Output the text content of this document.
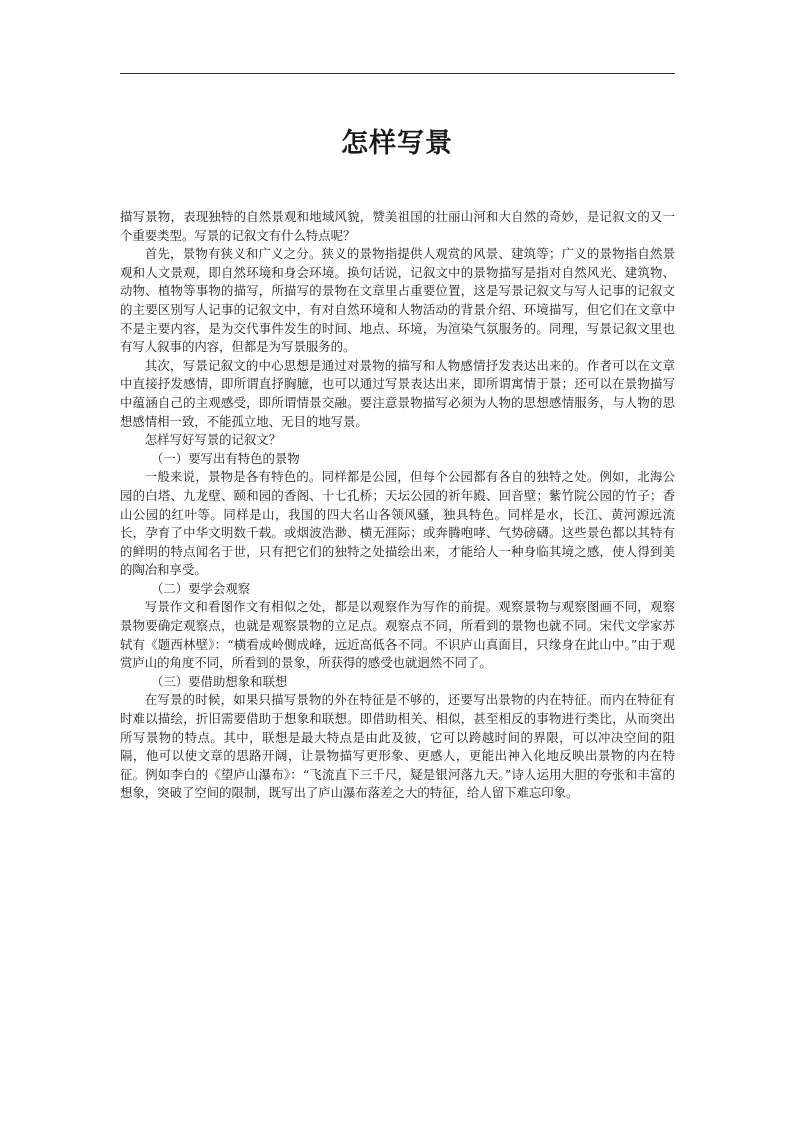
怎样写景

描写景物，表现独特的自然景观和地域风貌，赞美祖国的壮丽山河和大自然的奇妙，是记叙文的又一个重要类型。写景的记叙文有什么特点呢？

首先，景物有狭义和广义之分。狭义的景物指提供人观赏的风景、建筑等；广义的景物指自然景观和人文景观，即自然环境和身会环境。换句话说，记叙文中的景物描写是指对自然风光、建筑物、动物、植物等事物的描写，所描写的景物在文章里占重要位置，这是写景记叙文与写人记事的记叙文的主要区别写人记事的记叙文中，有对自然环境和人物活动的背景介绍、环境描写，但它们在文章中不是主要内容，是为交代事件发生的时间、地点、环境，为渲染气氛服务的。同理，写景记叙文里也有写人叙事的内容，但都是为写景服务的。

其次，写景记叙文的中心思想是通过对景物的描写和人物感情抒发表达出来的。作者可以在文章中直接抒发感情，即所谓直抒胸臆，也可以通过写景表达出来，即所谓寓情于景；还可以在景物描写中蕴涵自己的主观感受，即所谓情景交融。要注意景物描写必须为人物的思想感情服务，与人物的思想感情相一致，不能孤立地、无目的地写景。

怎样写好写景的记叙文？

（一）要写出有特色的景物

一般来说，景物是各有特色的。同样都是公园，但每个公园都有各自的独特之处。例如，北海公园的白塔、九龙壁、颐和园的香阁、十七孔桥；天坛公园的祈年殿、回音壁；紫竹院公园的竹子；香山公园的红叶等。同样是山，我国的四大名山各领风骚，独具特色。同样是水，长江、黄河源远流长，孕育了中华文明数千载。或烟波浩渺、横无涯际；或奔腾咆哮、气势磅礴。这些景色都以其特有的鲜明的特点闻名于世，只有把它们的独特之处描绘出来，才能给人一种身临其境之感，使人得到美的陶冶和享受。

（二）要学会观察

写景作文和看图作文有相似之处，都是以观察作为写作的前提。观察景物与观察图画不同，观察景物要确定观察点，也就是观察景物的立足点。观察点不同，所看到的景物也就不同。宋代文学家苏轼有《题西林壁》：“横看成岭侧成峰，远近高低各不同。不识庐山真面目，只缘身在此山中。”由于观赏庐山的角度不同，所看到的景象，所获得的感受也就迥然不同了。

（三）要借助想象和联想

在写景的时候，如果只描写景物的外在特征是不够的，还要写出景物的内在特征。而内在特征有时难以描绘，折旧需要借助于想象和联想。即借助相关、相似，甚至相反的事物进行类比，从而突出所写景物的特点。其中，联想是最大特点是由此及彼，它可以跨越时间的界限，可以冲决空间的阻隔，他可以使文章的思路开阔，让景物描写更形象、更感人，更能出神入化地反映出景物的内在特征。例如李白的《望庐山瀑布》：“飞流直下三千尺，疑是银河落九天。”诗人运用大胆的夸张和丰富的想象，突破了空间的限制，既写出了庐山瀑布落差之大的特征，给人留下难忘印象。
